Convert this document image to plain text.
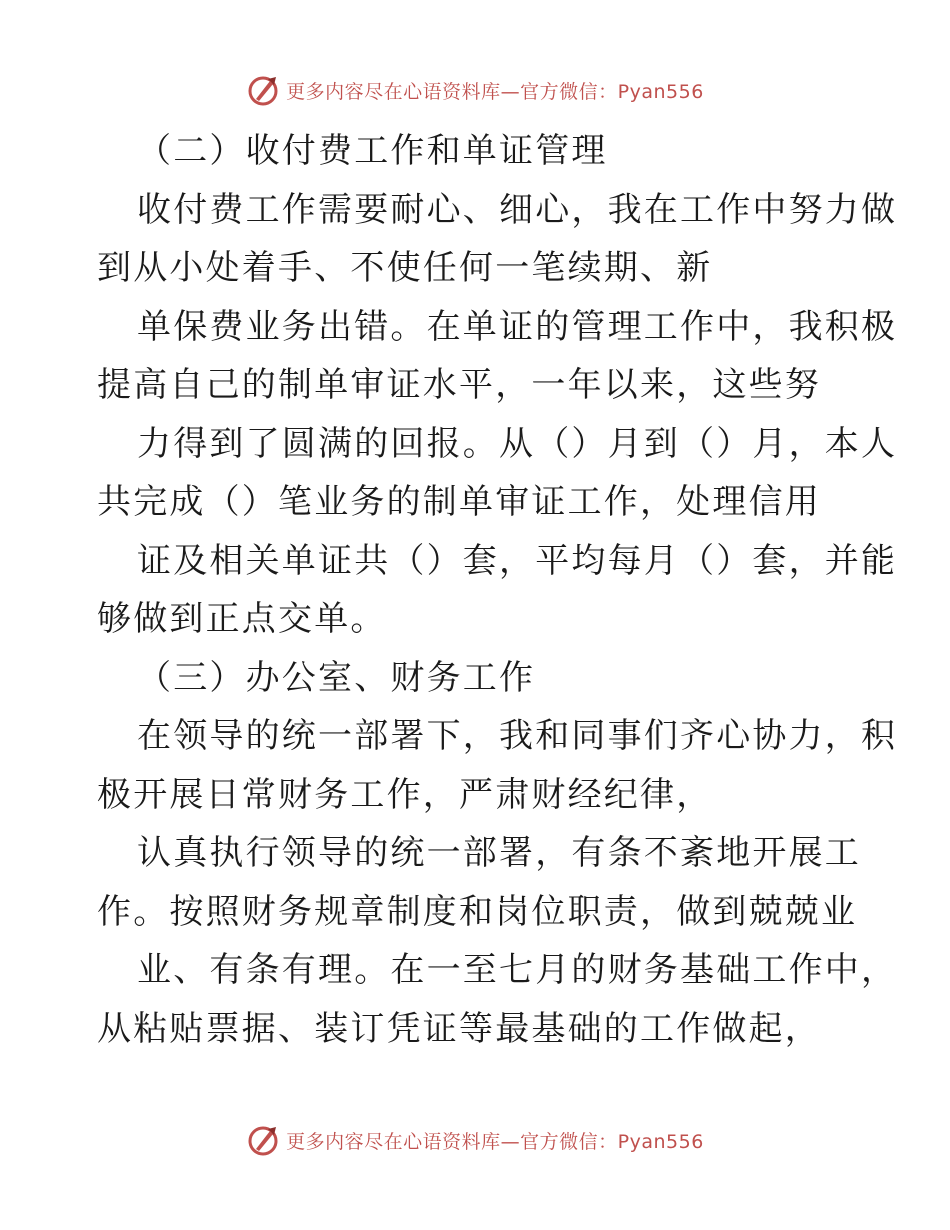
更多内容尽在心语资料库—官方微信：Pyan556
（二）收付费工作和单证管理
收付费工作需要耐心、细心，我在工作中努力做
到从小处着手、不使任何一笔续期、新
单保费业务出错。在单证的管理工作中，我积极
提高自己的制单审证水平，一年以来，这些努
力得到了圆满的回报。从（）月到（）月，本人
共完成（）笔业务的制单审证工作，处理信用
证及相关单证共（）套，平均每月（）套，并能
够做到正点交单。
（三）办公室、财务工作
在领导的统一部署下，我和同事们齐心协力，积
极开展日常财务工作，严肃财经纪律，
认真执行领导的统一部署，有条不紊地开展工
作。按照财务规章制度和岗位职责，做到兢兢业
业、有条有理。在一至七月的财务基础工作中，
从粘贴票据、装订凭证等最基础的工作做起，
更多内容尽在心语资料库—官方微信：Pyan556
